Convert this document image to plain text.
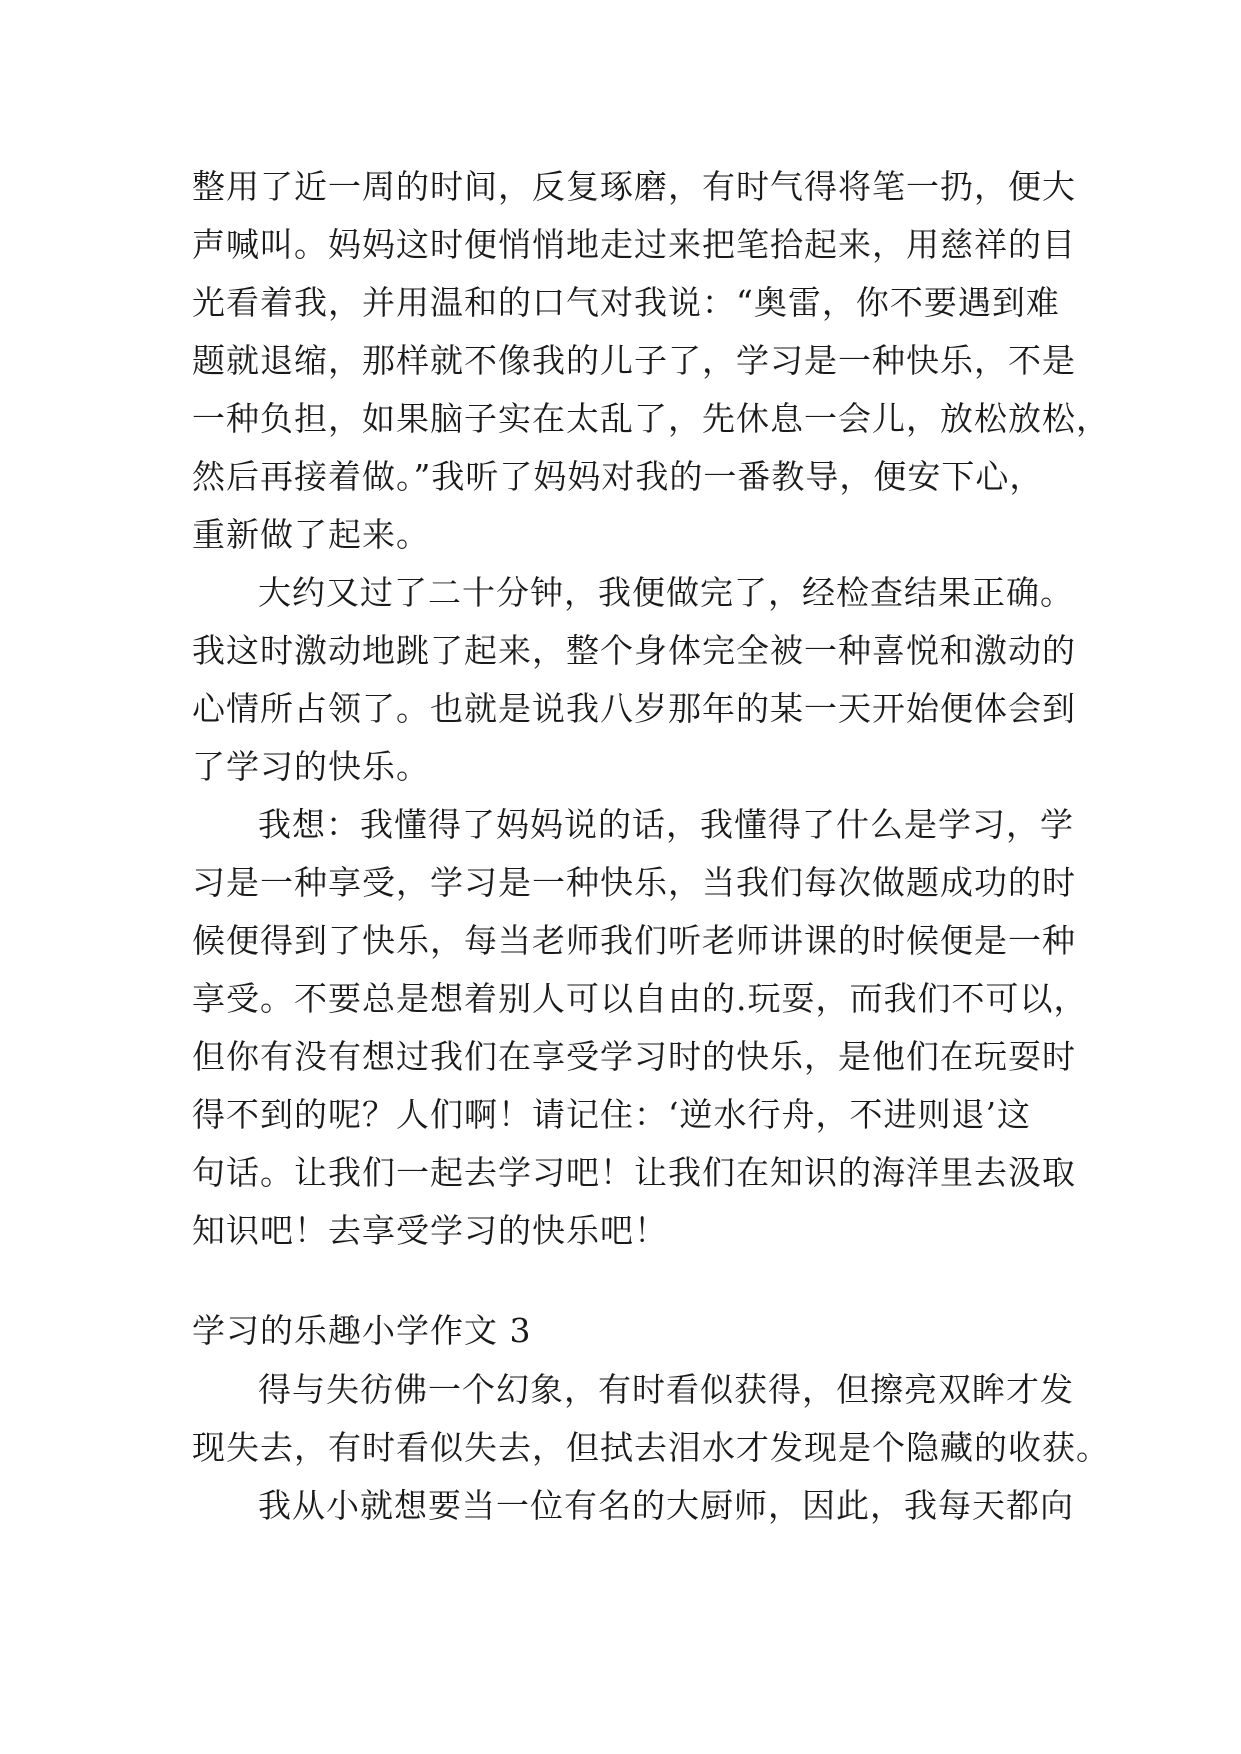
整用了近一周的时间，反复琢磨，有时气得将笔一扔，便大
声喊叫。妈妈这时便悄悄地走过来把笔拾起来，用慈祥的目
光看着我，并用温和的口气对我说：“奥雷，你不要遇到难
题就退缩，那样就不像我的儿子了，学习是一种快乐，不是
一种负担，如果脑子实在太乱了，先休息一会儿，放松放松，
然后再接着做。”我听了妈妈对我的一番教导，便安下心，
重新做了起来。
大约又过了二十分钟，我便做完了，经检查结果正确。
我这时激动地跳了起来，整个身体完全被一种喜悦和激动的
心情所占领了。也就是说我八岁那年的某一天开始便体会到
了学习的快乐。
我想：我懂得了妈妈说的话，我懂得了什么是学习，学
习是一种享受，学习是一种快乐，当我们每次做题成功的时
候便得到了快乐，每当老师我们听老师讲课的时候便是一种
享受。不要总是想着别人可以自由的.玩耍，而我们不可以，
但你有没有想过我们在享受学习时的快乐，是他们在玩耍时
得不到的呢？人们啊！请记住：‘逆水行舟，不进则退’这
句话。让我们一起去学习吧！让我们在知识的海洋里去汲取
知识吧！去享受学习的快乐吧！
学习的乐趣小学作文 3
得与失彷佛一个幻象，有时看似获得，但擦亮双眸才发
现失去，有时看似失去，但拭去泪水才发现是个隐藏的收获。
我从小就想要当一位有名的大厨师，因此，我每天都向
